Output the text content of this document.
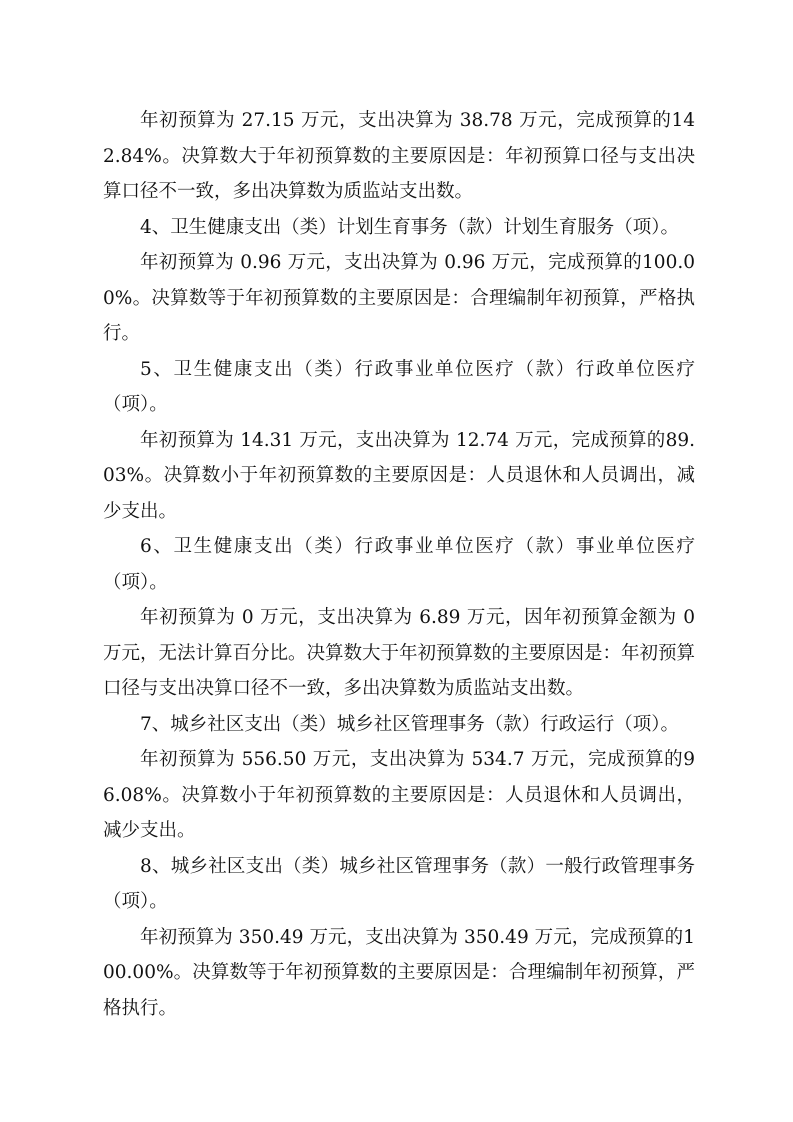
年初预算为 27.15 万元，支出决算为 38.78 万元，完成预算的142.84%。决算数大于年初预算数的主要原因是：年初预算口径与支出决算口径不一致，多出决算数为质监站支出数。

4、卫生健康支出（类）计划生育事务（款）计划生育服务（项）。

年初预算为 0.96 万元，支出决算为 0.96 万元，完成预算的100.00%。决算数等于年初预算数的主要原因是：合理编制年初预算，严格执行。

5、卫生健康支出（类）行政事业单位医疗（款）行政单位医疗（项）。

年初预算为 14.31 万元，支出决算为 12.74 万元，完成预算的89.03%。决算数小于年初预算数的主要原因是：人员退休和人员调出，减少支出。

6、卫生健康支出（类）行政事业单位医疗（款）事业单位医疗（项）。

年初预算为 0 万元，支出决算为 6.89 万元，因年初预算金额为 0 万元，无法计算百分比。决算数大于年初预算数的主要原因是：年初预算口径与支出决算口径不一致，多出决算数为质监站支出数。

7、城乡社区支出（类）城乡社区管理事务（款）行政运行（项）。

年初预算为 556.50 万元，支出决算为 534.7 万元，完成预算的96.08%。决算数小于年初预算数的主要原因是：人员退休和人员调出，减少支出。

8、城乡社区支出（类）城乡社区管理事务（款）一般行政管理事务（项）。

年初预算为 350.49 万元，支出决算为 350.49 万元，完成预算的100.00%。决算数等于年初预算数的主要原因是：合理编制年初预算，严格执行。
